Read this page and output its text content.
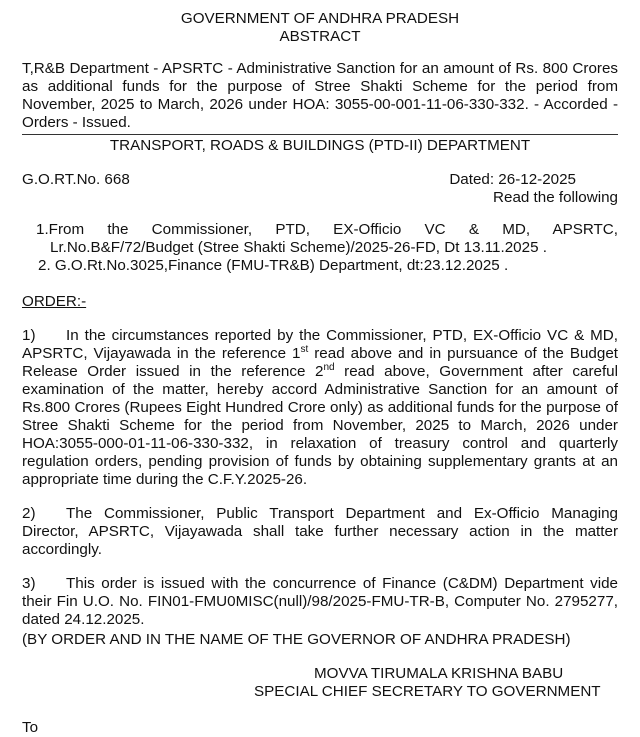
GOVERNMENT OF ANDHRA PRADESH
ABSTRACT

T,R&B Department - APSRTC - Administrative Sanction for an amount of Rs. 800 Crores as additional funds for the purpose of Stree Shakti Scheme for the period from November, 2025 to March, 2026 under HOA: 3055-00-001-11-06-330-332. - Accorded - Orders - Issued.

TRANSPORT, ROADS & BUILDINGS (PTD-II) DEPARTMENT
G.O.RT.No. 668	Dated: 26-12-2025
Read the following

1.From the Commissioner, PTD, EX-Officio VC & MD, APSRTC,
Lr.No.B&F/72/Budget (Stree Shakti Scheme)/2025-26-FD, Dt 13.11.2025 .

2. G.O.Rt.No.3025,Finance (FMU-TR&B) Department, dt:23.12.2025 .

ORDER:-

1) In the circumstances reported by the Commissioner, PTD, EX-Officio VC & MD, APSRTC, Vijayawada in the reference 1st read above and in pursuance of the Budget Release Order issued in the reference 2nd read above, Government after careful examination of the matter, hereby accord Administrative Sanction for an amount of Rs.800 Crores (Rupees Eight Hundred Crore only) as additional funds for the purpose of Stree Shakti Scheme for the period from November, 2025 to March, 2026 under HOA:3055-000-01-11-06-330-332, in relaxation of treasury control and quarterly regulation orders, pending provision of funds by obtaining supplementary grants at an appropriate time during the C.F.Y.2025-26.

2) The Commissioner, Public Transport Department and Ex-Officio Managing Director, APSRTC, Vijayawada shall take further necessary action in the matter accordingly.

3) This order is issued with the concurrence of Finance (C&DM) Department vide their Fin U.O. No. FIN01-FMU0MISC(null)/98/2025-FMU-TR-B, Computer No. 2795277, dated 24.12.2025.

(BY ORDER AND IN THE NAME OF THE GOVERNOR OF ANDHRA PRADESH)

MOVVA TIRUMALA KRISHNA BABU
SPECIAL CHIEF SECRETARY TO GOVERNMENT
To
